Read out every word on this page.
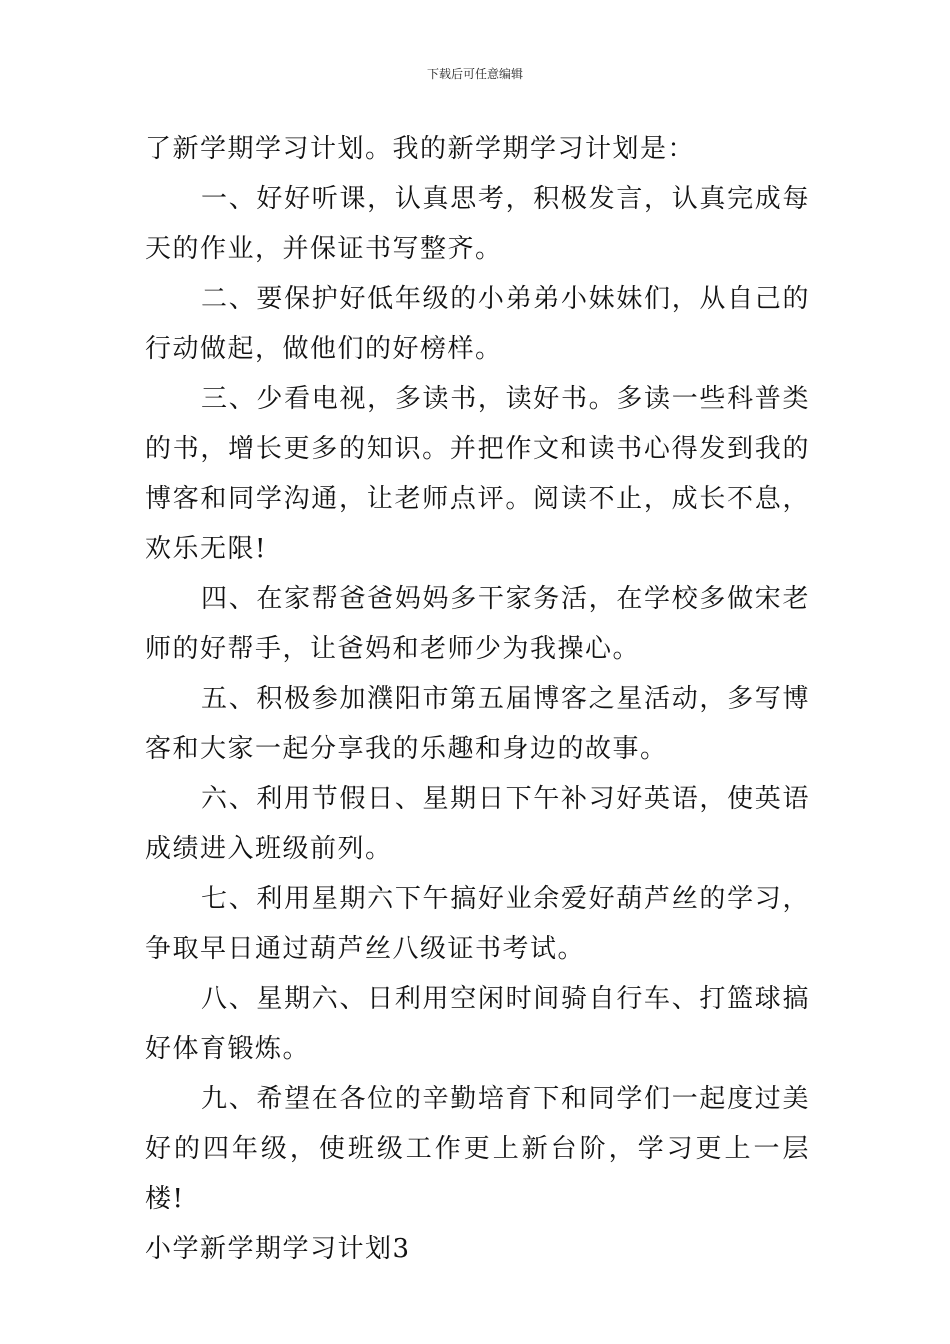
下载后可任意编辑

了新学期学习计划。我的新学期学习计划是：

一、好好听课，认真思考，积极发言，认真完成每天的作业，并保证书写整齐。

二、要保护好低年级的小弟弟小妹妹们，从自己的行动做起，做他们的好榜样。

三、少看电视，多读书，读好书。多读一些科普类的书，增长更多的知识。并把作文和读书心得发到我的博客和同学沟通，让老师点评。阅读不止，成长不息，欢乐无限!

四、在家帮爸爸妈妈多干家务活，在学校多做宋老师的好帮手，让爸妈和老师少为我操心。

五、积极参加濮阳市第五届博客之星活动，多写博客和大家一起分享我的乐趣和身边的故事。

六、利用节假日、星期日下午补习好英语，使英语成绩进入班级前列。

七、利用星期六下午搞好业余爱好葫芦丝的学习，争取早日通过葫芦丝八级证书考试。

八、星期六、日利用空闲时间骑自行车、打篮球搞好体育锻炼。

九、希望在各位的辛勤培育下和同学们一起度过美好的四年级，使班级工作更上新台阶，学习更上一层楼!

小学新学期学习计划3
